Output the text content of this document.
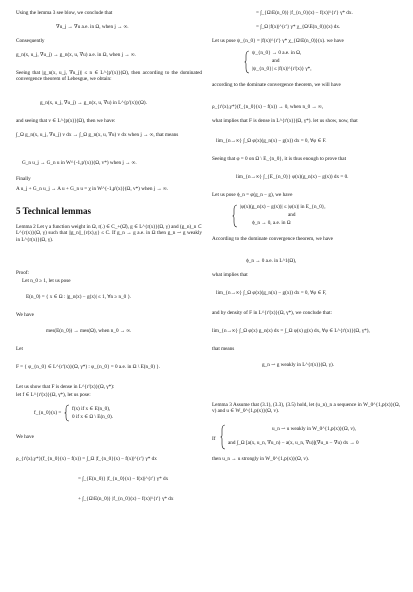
Using the lemma 3 see blow, we conclude that
∇u_j → ∇u a.e. in Ω, when j → ∞.
Consequently
g_n(x, u_j, ∇u_j) → g_n(x, u, ∇u) a.e. in Ω, when j → ∞.
Seeing that |g_n(x, u_j, ∇u_j)| ≤ n ∈ L^{p'(x)}(Ω), then according to the dominated convergence theorem of Lebesgue, we obtain:
g_n(x, u_j, ∇u_j) → g_n(x, u, ∇u) in L^{p'(x)}(Ω).
and seeing that v ∈ L^{p(x)}(Ω), then we have:
∫_Ω g_n(x, u_j, ∇u_j) v dx → ∫_Ω g_n(x, u, ∇u) v dx when j → ∞, that means
G_n u_j → G_n u in W^{-1,p'(x)}(Ω, v*) when j → ∞.
Finally
A u_j + G_n u_j → A u + G_n u = χ in W^{-1,p'(x)}(Ω, v*) when j → ∞.
5 Technical lemmas
Lemma 2 Let γ a function weight in Ω, r(.) ∈ C_+(Ω̄), g ∈ L^{r(x)}(Ω, γ) and (g_n)_n ⊂ L^{r(x)}(Ω, γ) such that ||g_n||_{r(x),γ} ≤ C. If g_n → g a.e. in Ω then g_n ⇀ g weakly in L^{r(x)}(Ω, γ).
Proof:
Let n_0 ≥ 1, let us pose
E(n_0) = { x ∈ Ω : |g_n(x) − g(x)| ≤ 1, ∀n ≥ n_0 }.
We have
mes(E(n_0)) → mes(Ω), when n_0 → ∞.
Let
F = { φ_{n_0} ∈ L^{r'(x)}(Ω, γ*) : φ_{n_0} = 0 a.e. in Ω \ E(n_0) }.
Let us show that F is dense in L^{r'(x)}(Ω, γ*):
let f ∈ L^{r'(x)}(Ω, γ*), let us pose:
f_{n_0}(x) =
f(x) if x ∈ E(n_0),
0 if x ∈ Ω \ E(n_0).
We have
ρ_{r'(x),γ*}(f_{n_0}(x) − f(x)) = ∫_Ω |f_{n_0}(x) − f(x)|^{r'} γ* dx
= ∫_{E(n_0)} |f_{n_0}(x) − f(x)|^{r'} γ* dx
+ ∫_{Ω\E(n_0)} |f_{n_0}(x) − f(x)|^{r'} γ* dx
= ∫_{Ω\E(n_0)} |f_{n_0}(x) − f(x)|^{r'} γ* dx.
= ∫_Ω |f(x)|^{r'} γ* χ_{Ω\E(n_0)}(x) dx.
Let us pose ψ_{n_0} = |f(x)|^{r'} γ* χ_{Ω\E(n_0)}(x). we have
ψ_{n_0} → 0 a.e. in Ω,
and
|ψ_{n_0}| ≤ |f(x)|^{r'(x)} γ*,
according to the dominate convergence theorem, we will have
ρ_{r'(x),γ*}(f_{n_0}(x) − f(x)) → 0, when n_0 → ∞,
what implies that F is dense in L^{r'(x)}(Ω, γ*). let us show, now, that
lim_{n→∞} ∫_Ω φ(x)(g_n(x) − g(x)) dx = 0, ∀φ ∈ F.
Seeing that φ = 0 on Ω \ E_{n_0}, it is thus enough to prove that
lim_{n→∞} ∫_{E_{n_0}} φ(x)(g_n(x) − g(x)) dx = 0.
Let us pose ϕ_n = φ(g_n − g), we have
|φ(x)(g_n(x) − g(x))| ≤ |φ(x)| in E_{n_0},
and
ϕ_n → 0, a.e. in Ω
According to the dominate convergence theorem, we have
ϕ_n → 0 a.e. in L^1(Ω),
what implies that
lim_{n→∞} ∫_Ω φ(x)(g_n(x) − g(x)) dx = 0, ∀φ ∈ F,
and by density of F in L^{r'(x)}(Ω, γ*), we conclude that:
lim_{n→∞} ∫_Ω φ(x) g_n(x) dx = ∫_Ω φ(x) g(x) dx, ∀φ ∈ L^{r'(x)}(Ω, γ*),
that means
g_n ⇀ g weakly in L^{r(x)}(Ω, γ).
Lemma 3 Assume that (3.1), (3.3), (3.5) hold, let (u_n)_n a sequence in W_0^{1,p(x)}(Ω, v) and u ∈ W_0^{1,p(x)}(Ω, v).
If
u_n ⇀ u weakly in W_0^{1,p(x)}(Ω, v),
and ∫_Ω [a(x, u_n, ∇u_n) − a(x, u_n, ∇u)](∇u_n − ∇u) dx → 0
then u_n → u strongly in W_0^{1,p(x)}(Ω, v).
